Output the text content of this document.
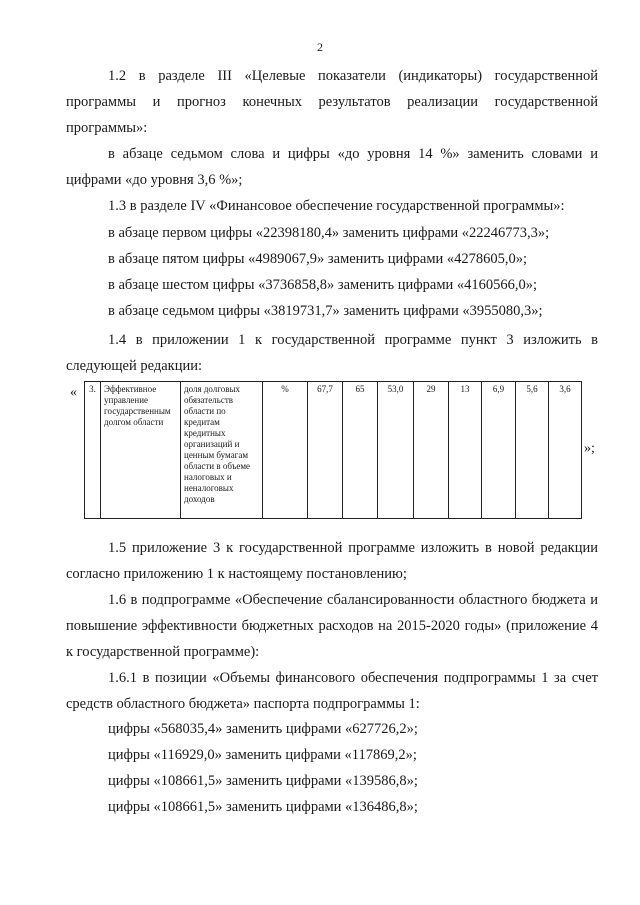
2
1.2 в разделе III «Целевые показатели (индикаторы) государственной программы и прогноз конечных результатов реализации государственной программы»:
в абзаце седьмом слова и цифры «до уровня 14 %» заменить словами и цифрами «до уровня 3,6 %»;
1.3 в разделе IV «Финансовое обеспечение государственной программы»:
в абзаце первом цифры «22398180,4» заменить цифрами «22246773,3»;
в абзаце пятом цифры «4989067,9» заменить цифрами «4278605,0»;
в абзаце шестом цифры «3736858,8» заменить цифрами «4160566,0»;
в абзаце седьмом цифры «3819731,7» заменить цифрами «3955080,3»;
1.4 в приложении 1 к государственной программе пункт 3 изложить в следующей редакции:
« 3.	Эффективное управление государственным долгом области	доля долговых обязательств области по кредитам кредитных организаций и ценным бумагам области в объеме налоговых и неналоговых доходов	%	67,7	65	53,0	29	13	6,9	5,6	3,6
»;
1.5 приложение 3 к государственной программе изложить в новой редакции согласно приложению 1 к настоящему постановлению;
1.6 в подпрограмме «Обеспечение сбалансированности областного бюджета и повышение эффективности бюджетных расходов на 2015-2020 годы» (приложение 4 к государственной программе):
1.6.1 в позиции «Объемы финансового обеспечения подпрограммы 1 за счет средств областного бюджета» паспорта подпрограммы 1:
цифры «568035,4» заменить цифрами «627726,2»;
цифры «116929,0» заменить цифрами «117869,2»;
цифры «108661,5» заменить цифрами «139586,8»;
цифры «108661,5» заменить цифрами «136486,8»;
